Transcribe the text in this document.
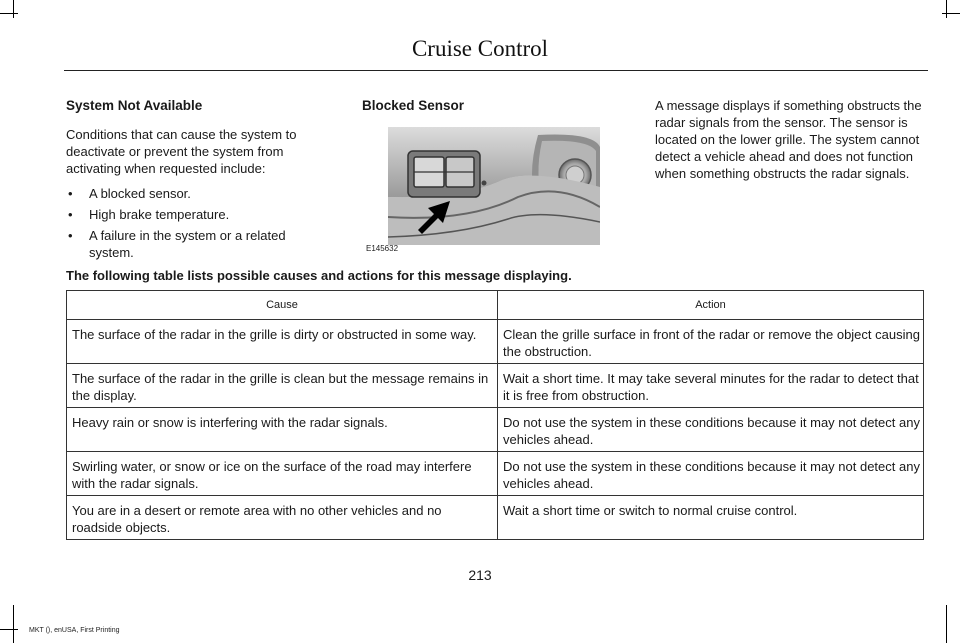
Cruise Control
System Not Available
Conditions that can cause the system to deactivate or prevent the system from activating when requested include:
• A blocked sensor.
• High brake temperature.
• A failure in the system or a related system.
Blocked Sensor
E145632
A message displays if something obstructs the radar signals from the sensor. The sensor is located on the lower grille. The system cannot detect a vehicle ahead and does not function when something obstructs the radar signals.
The following table lists possible causes and actions for this message displaying.
Cause	Action
The surface of the radar in the grille is dirty or obstructed in some way.	Clean the grille surface in front of the radar or remove the object causing the obstruction.
The surface of the radar in the grille is clean but the message remains in the display.	Wait a short time. It may take several minutes for the radar to detect that it is free from obstruction.
Heavy rain or snow is interfering with the radar signals.	Do not use the system in these conditions because it may not detect any vehicles ahead.
Swirling water, or snow or ice on the surface of the road may interfere with the radar signals.	Do not use the system in these conditions because it may not detect any vehicles ahead.
You are in a desert or remote area with no other vehicles and no roadside objects.	Wait a short time or switch to normal cruise control.
213
MKT (), enUSA, First Printing
